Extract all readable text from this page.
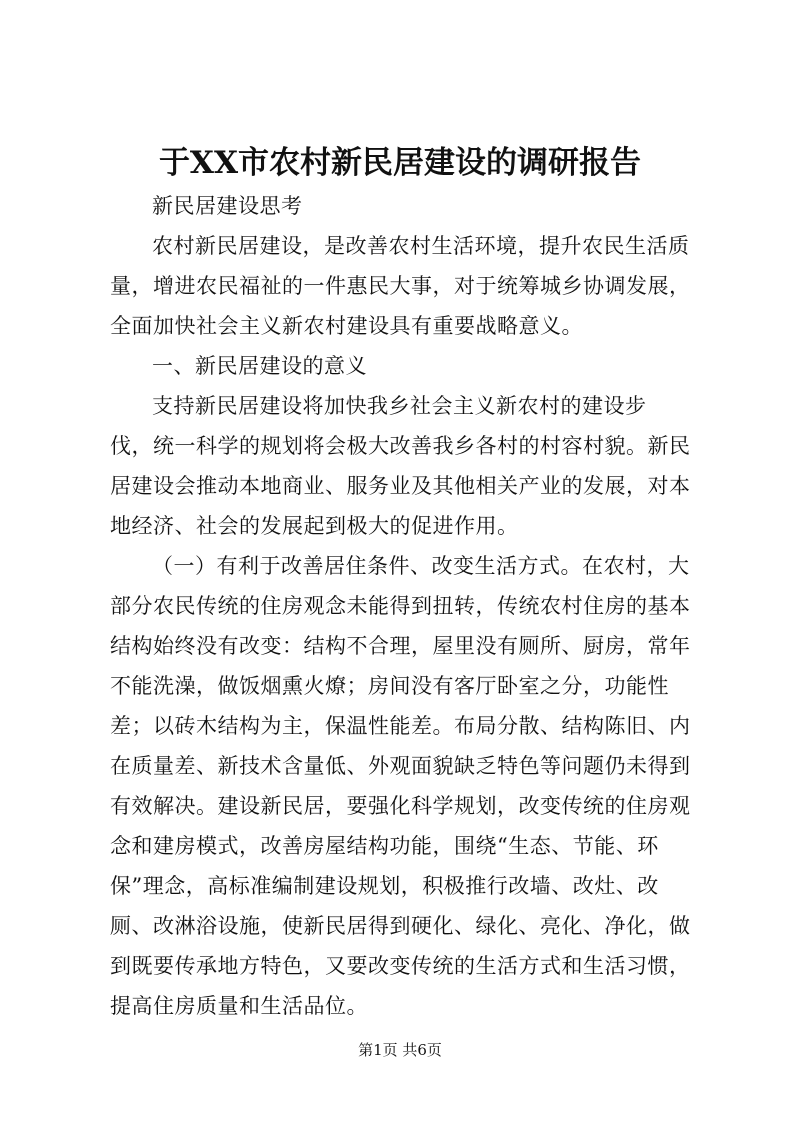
于XX市农村新民居建设的调研报告

新民居建设思考

农村新民居建设，是改善农村生活环境，提升农民生活质量，增进农民福祉的一件惠民大事，对于统筹城乡协调发展，全面加快社会主义新农村建设具有重要战略意义。

一、新民居建设的意义

支持新民居建设将加快我乡社会主义新农村的建设步

伐，统一科学的规划将会极大改善我乡各村的村容村貌。新民居建设会推动本地商业、服务业及其他相关产业的发展，对本地经济、社会的发展起到极大的促进作用。

（一）有利于改善居住条件、改变生活方式。在农村，大部分农民传统的住房观念未能得到扭转，传统农村住房的基本结构始终没有改变：结构不合理，屋里没有厕所、厨房，常年不能洗澡，做饭烟熏火燎；房间没有客厅卧室之分，功能性差；以砖木结构为主，保温性能差。布局分散、结构陈旧、内在质量差、新技术含量低、外观面貌缺乏特色等问题仍未得到有效解决。建设新民居，要强化科学规划，改变传统的住房观念和建房模式，改善房屋结构功能，围绕“生态、节能、环保”理念，高标准编制建设规划，积极推行改墙、改灶、改厕、改淋浴设施，使新民居得到硬化、绿化、亮化、净化，做到既要传承地方特色，又要改变传统的生活方式和生活习惯，提高住房质量和生活品位。

第1页 共6页
